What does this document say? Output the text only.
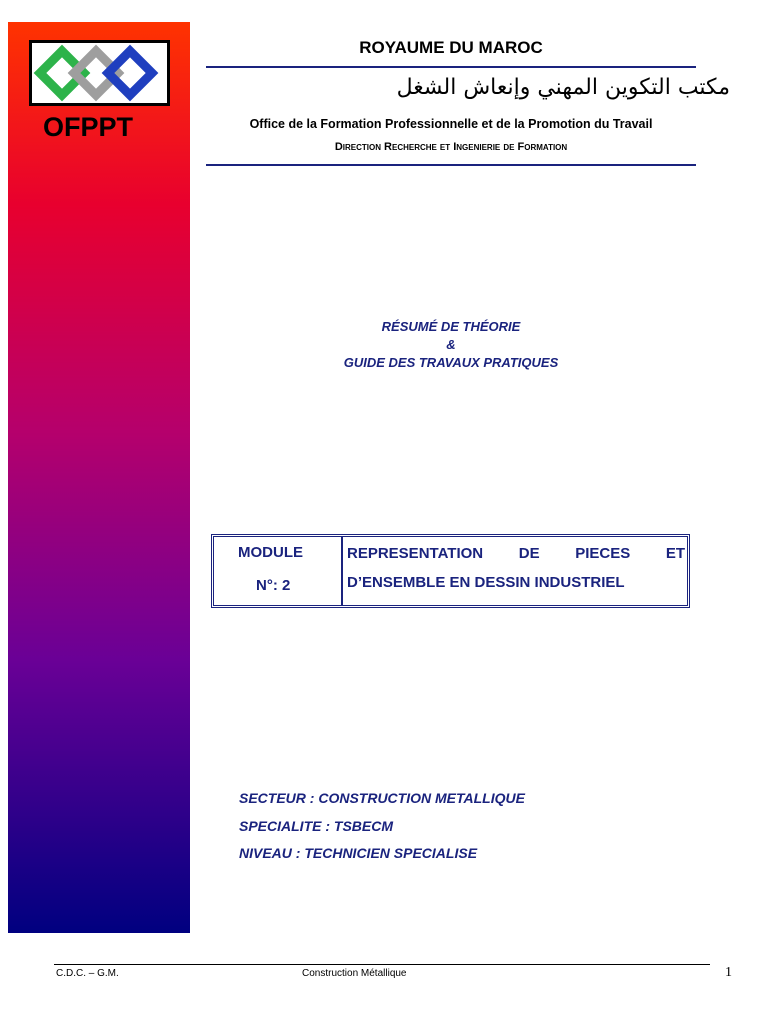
OFPPT
ROYAUME DU MAROC
مكتب التكوين المهني وإنعاش الشغل
Office de la Formation Professionnelle et de la Promotion du Travail
Direction Recherche et Ingenierie de Formation
RÉSUMÉ DE THÉORIE
&
GUIDE DES TRAVAUX PRATIQUES
MODULE
N°: 2
REPRESENTATION DE PIECES ET
D’ENSEMBLE EN DESSIN INDUSTRIEL
SECTEUR : CONSTRUCTION METALLIQUE
SPECIALITE : TSBECM
NIVEAU : TECHNICIEN SPECIALISE
C.D.C. – G.M.	Construction Métallique	1
